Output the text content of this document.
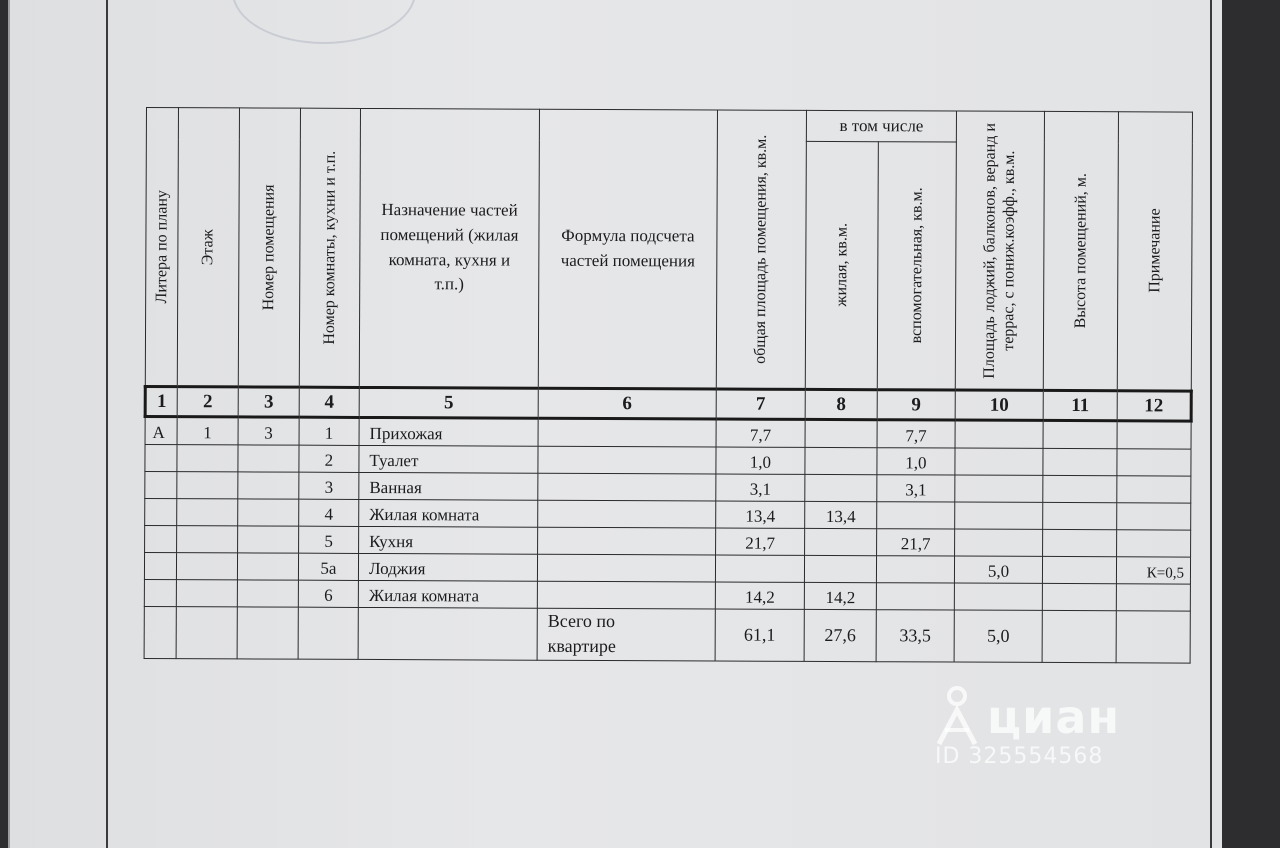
Литера по плану	Этаж	Номер помещения	Номер комнаты, кухни и т.п.	Назначение частей помещений (жилая комната, кухня и т.п.)	Формула подсчета частей помещения	общая площадь помещения, кв.м.	в том числе		Площадь лоджий, балконов, веранд и террас, с пониж.коэфф., кв.м.	Высота помещений, м.	Примечание

							жилая, кв.м.	вспомогательная, кв.м.			

1	2	3	4	5	6	7	8	9	10	11	12
А	1	3	1	Прихожая		7,7		7,7			
			2	Туалет		1,0		1,0			
			3	Ванная		3,1		3,1			
			4	Жилая комната		13,4	13,4				
			5	Кухня		21,7		21,7			
			5а	Лоджия					5,0		К=0,5
			6	Жилая комната		14,2	14,2				
					Всего по квартире	61,1	27,6	33,5	5,0		
циан
ID 325554568
